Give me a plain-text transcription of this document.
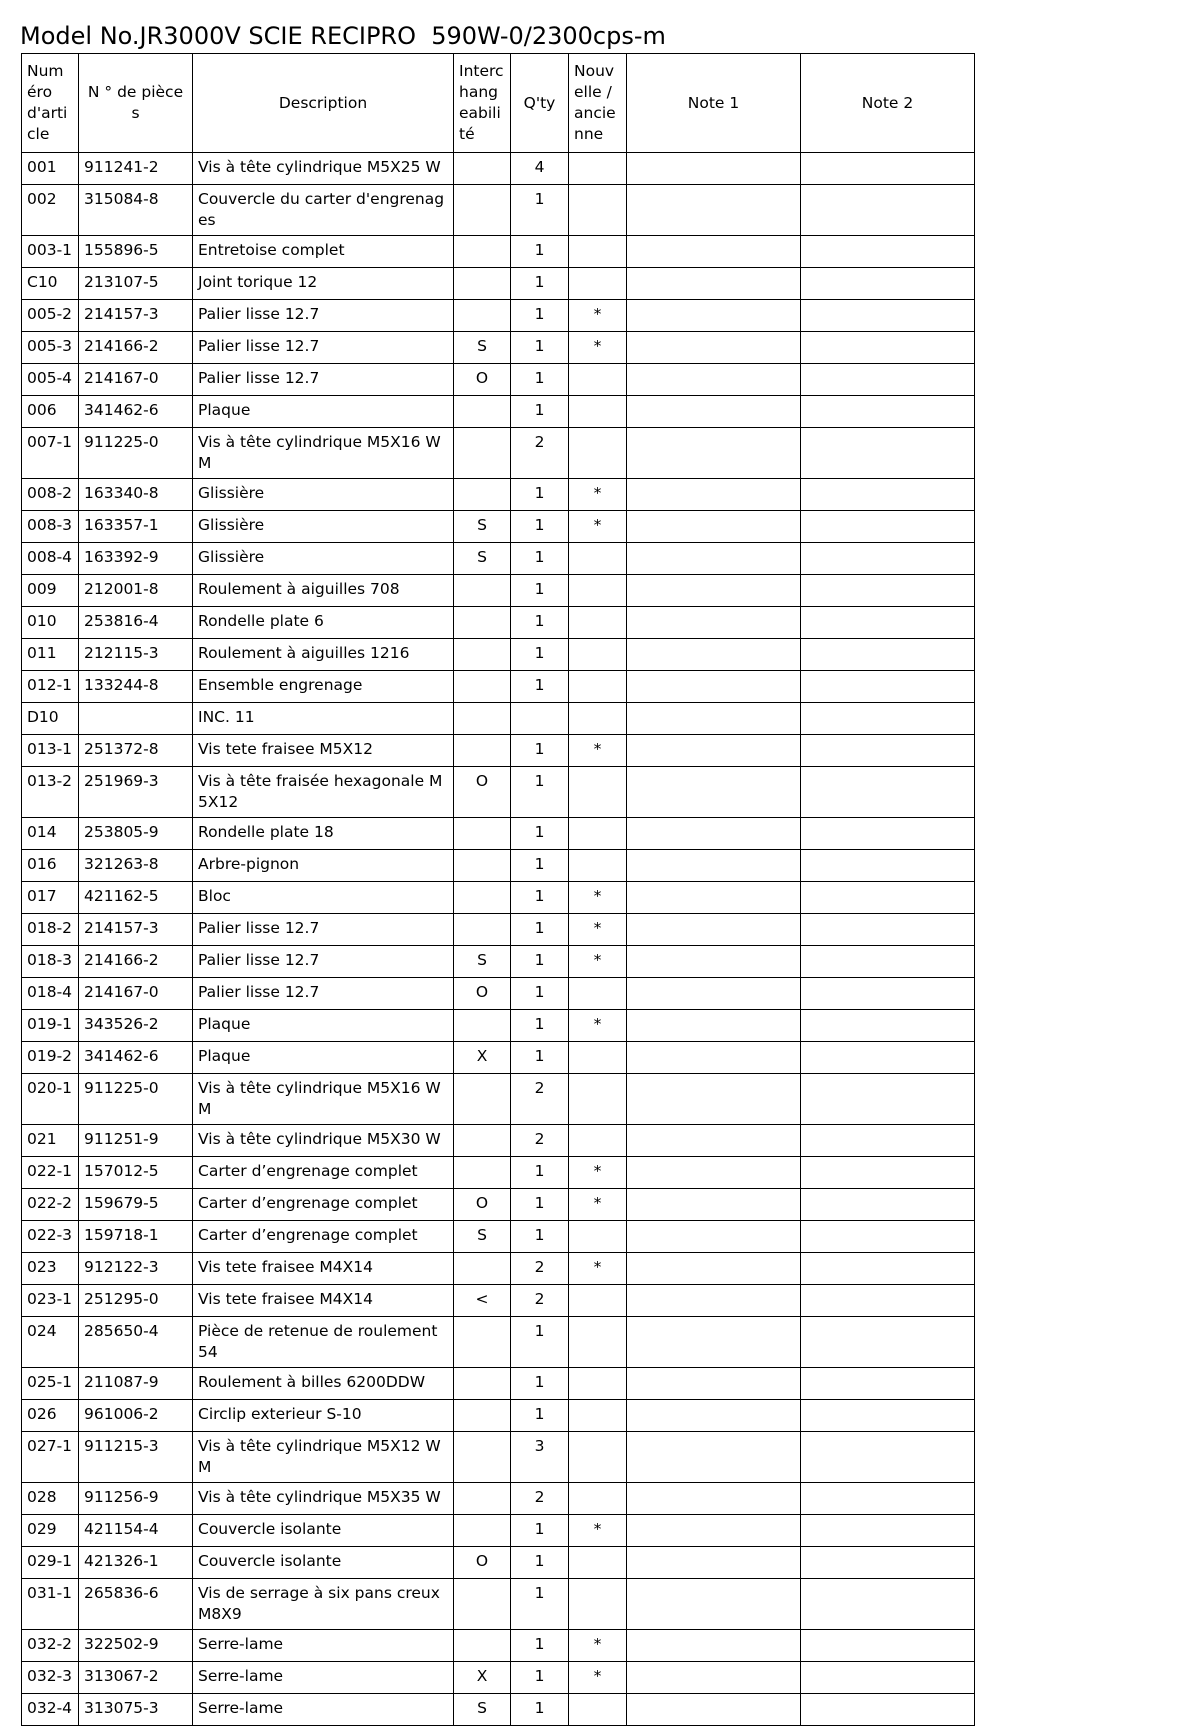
Model No.JR3000V SCIE RECIPRO  590W-0/2300cps-m
Numéro d'article	N ° de pièces	Description	Interchangeabilité	Q'ty	Nouvelle / ancienne	Note 1	Note 2
001	911241-2	Vis à tête cylindrique M5X25 W		4			
002	315084-8	Couvercle du carter d'engrenages		1			
003-1	155896-5	Entretoise complet		1			
C10	213107-5	Joint torique 12		1			
005-2	214157-3	Palier lisse 12.7		1	*		
005-3	214166-2	Palier lisse 12.7	S	1	*		
005-4	214167-0	Palier lisse 12.7	O	1			
006	341462-6	Plaque		1			
007-1	911225-0	Vis à tête cylindrique M5X16 WM		2			
008-2	163340-8	Glissière		1	*		
008-3	163357-1	Glissière	S	1	*		
008-4	163392-9	Glissière	S	1			
009	212001-8	Roulement à aiguilles 708		1			
010	253816-4	Rondelle plate 6		1			
011	212115-3	Roulement à aiguilles 1216		1			
012-1	133244-8	Ensemble engrenage		1			
D10		INC. 11					
013-1	251372-8	Vis tete fraisee M5X12		1	*		
013-2	251969-3	Vis à tête fraisée hexagonale M5X12	O	1			
014	253805-9	Rondelle plate 18		1			
016	321263-8	Arbre-pignon		1			
017	421162-5	Bloc		1	*		
018-2	214157-3	Palier lisse 12.7		1	*		
018-3	214166-2	Palier lisse 12.7	S	1	*		
018-4	214167-0	Palier lisse 12.7	O	1			
019-1	343526-2	Plaque		1	*		
019-2	341462-6	Plaque	X	1			
020-1	911225-0	Vis à tête cylindrique M5X16 WM		2			
021	911251-9	Vis à tête cylindrique M5X30 W		2			
022-1	157012-5	Carter d’engrenage complet		1	*		
022-2	159679-5	Carter d’engrenage complet	O	1	*		
022-3	159718-1	Carter d’engrenage complet	S	1			
023	912122-3	Vis tete fraisee M4X14		2	*		
023-1	251295-0	Vis tete fraisee M4X14	<	2			
024	285650-4	Pièce de retenue de roulement 54		1			
025-1	211087-9	Roulement à billes 6200DDW		1			
026	961006-2	Circlip exterieur S-10		1			
027-1	911215-3	Vis à tête cylindrique M5X12 WM		3			
028	911256-9	Vis à tête cylindrique M5X35 W		2			
029	421154-4	Couvercle isolante		1	*		
029-1	421326-1	Couvercle isolante	O	1			
031-1	265836-6	Vis de serrage à six pans creux M8X9		1			
032-2	322502-9	Serre-lame		1	*		
032-3	313067-2	Serre-lame	X	1	*		
032-4	313075-3	Serre-lame	S	1			
